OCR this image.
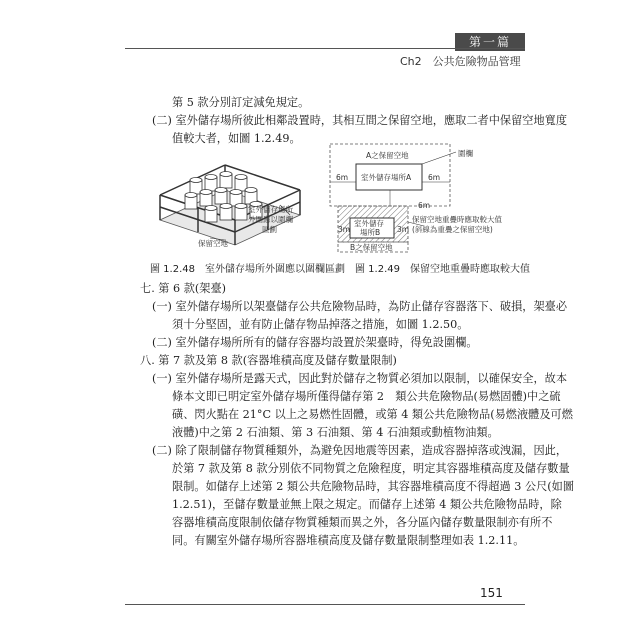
第一篇
Ch2　公共危險物品管理
第 5 款分別訂定減免規定。
(二) 室外儲存場所彼此相鄰設置時，其相互間之保留空地，應取二者中保留空地寬度
值較大者，如圖 1.2.49。
室外儲存場所
外圍應以圍欄
區劃
保留空地
圖 1.2.48　室外儲存場所外圍應以圍欄區劃
A之保留空地
室外儲存場所A
圍欄
6m	6m
6m
室外儲存
場所B
3m	3m
B之保留空地
保留空地重疊時應取較大值
(斜線為重疊之保留空地)
圖 1.2.49　保留空地重疊時應取較大值
七. 第 6 款(架臺)
(一) 室外儲存場所以架臺儲存公共危險物品時，為防止儲存容器落下、破損，架臺必
須十分堅固，並有防止儲存物品掉落之措施，如圖 1.2.50。
(二) 室外儲存場所所有的儲存容器均設置於架臺時，得免設圍欄。
八. 第 7 款及第 8 款(容器堆積高度及儲存數量限制)
(一) 室外儲存場所是露天式，因此對於儲存之物質必須加以限制，以確保安全，故本
條本文即已明定室外儲存場所僅得儲存第 2　類公共危險物品(易燃固體)中之硫
磺、閃火點在 21°C 以上之易燃性固體，或第 4 類公共危險物品(易燃液體及可燃
液體)中之第 2 石油類、第 3 石油類、第 4 石油類或動植物油類。
(二) 除了限制儲存物質種類外，為避免因地震等因素，造成容器掉落或洩漏，因此，
於第 7 款及第 8 款分別依不同物質之危險程度，明定其容器堆積高度及儲存數量
限制。如儲存上述第 2 類公共危險物品時，其容器堆積高度不得超過 3 公尺(如圖
1.2.51)，至儲存數量並無上限之規定。而儲存上述第 4 類公共危險物品時，除
容器堆積高度限制依儲存物質種類而異之外，各分區內儲存數量限制亦有所不
同。有關室外儲存場所容器堆積高度及儲存數量限制整理如表 1.2.11。
151
